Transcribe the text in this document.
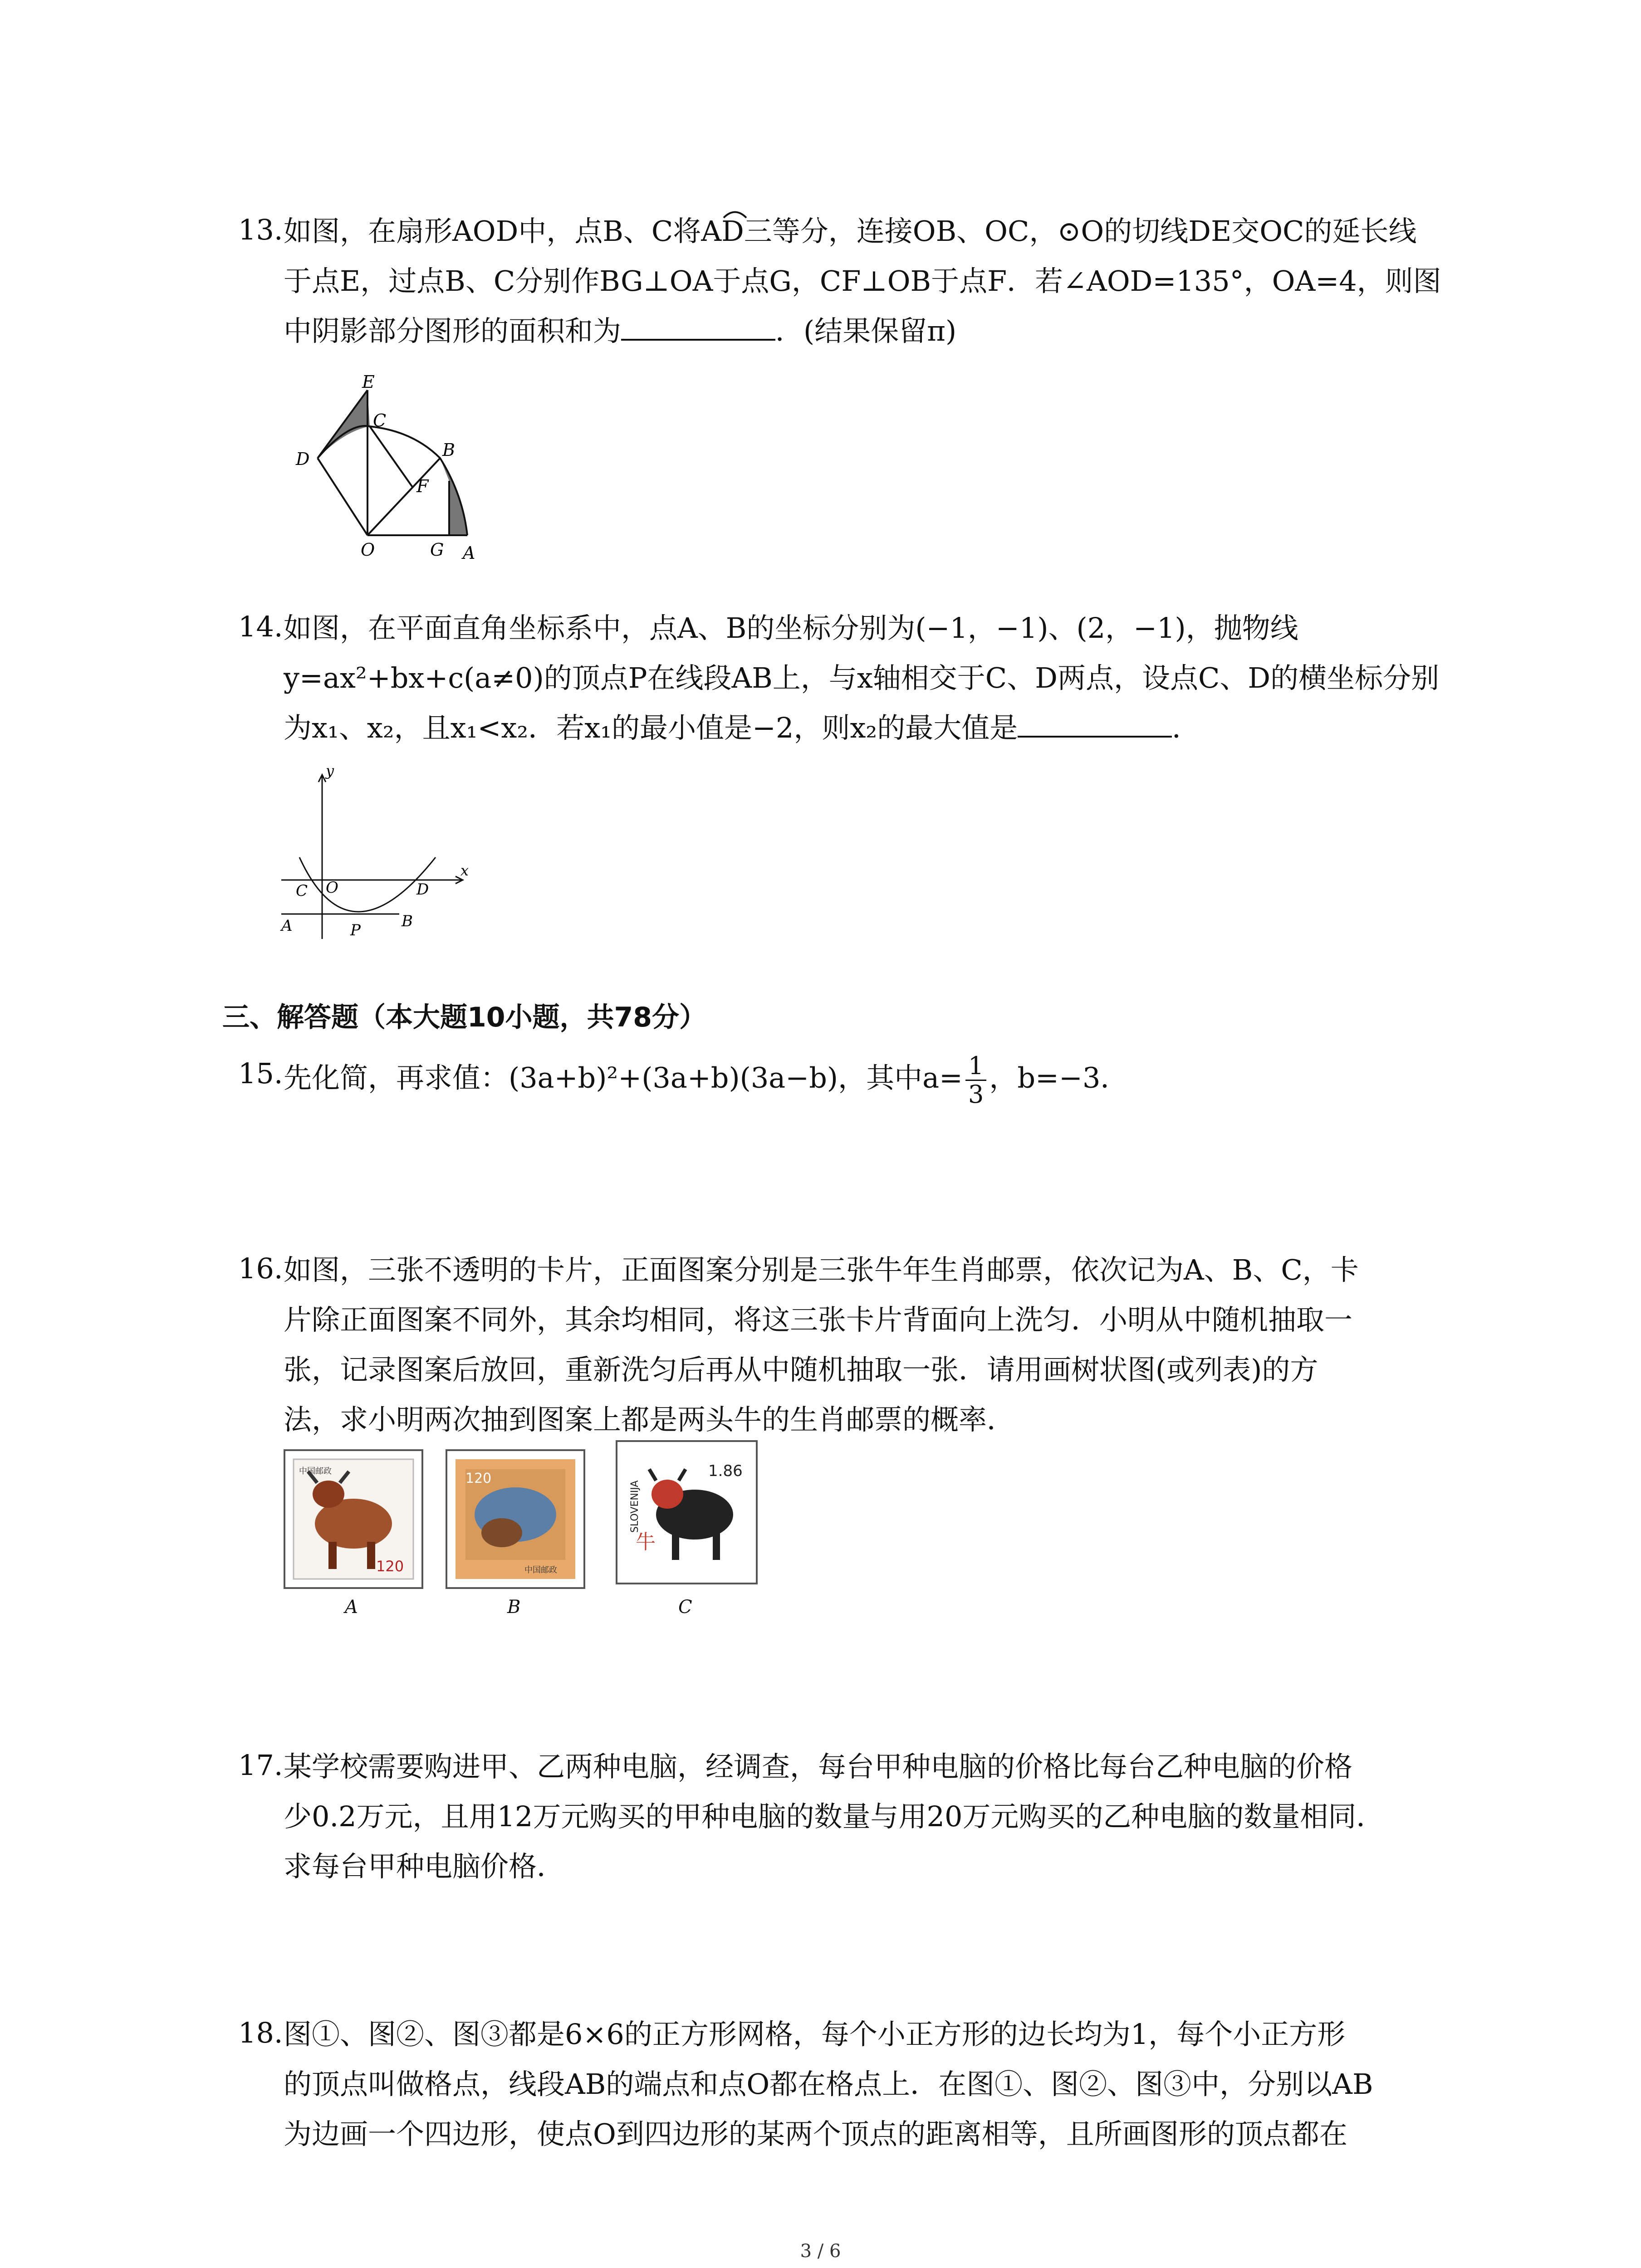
13. 如图，在扇形AOD中，点B、C将AD三等分，连接OB、OC，⊙O的切线DE交OC的延长线
于点E，过点B、C分别作BG⊥OA于点G，CF⊥OB于点F．若∠AOD=135°，OA=4，则图
中阴影部分图形的面积和为	．(结果保留π)
E
C
D	B
F
O	G A
14. 如图，在平面直角坐标系中，点A、B的坐标分别为(−1，−1)、(2，−1)，抛物线
y=ax²+bx+c(a≠0)的顶点P在线段AB上，与x轴相交于C、D两点，设点C、D的横坐标分别
为x₁、x₂，且x₁<x₂．若x₁的最小值是−2，则x₂的最大值是	．
y
x
C O	D
A	P	B
三、解答题（本大题10小题，共78分）
15. 先化简，再求值：(3a+b)²+(3a+b)(3a−b)，其中$a= \frac{1}{3}$ ，b=−3．
16. 如图，三张不透明的卡片，正面图案分别是三张牛年生肖邮票，依次记为A、B、C，卡
片除正面图案不同外，其余均相同，将这三张卡片背面向上洗匀．小明从中随机抽取一
张，记录图案后放回，重新洗匀后再从中随机抽取一张．请用画树状图(或列表)的方
法，求小明两次抽到图案上都是两头牛的生肖邮票的概率．
120
中国邮政
A
120
中国邮政
B
1.86
牛
SLOVENIJA
C
17. 某学校需要购进甲、乙两种电脑，经调查，每台甲种电脑的价格比每台乙种电脑的价格
少0.2万元，且用12万元购买的甲种电脑的数量与用20万元购买的乙种电脑的数量相同．
求每台甲种电脑价格．
18. 图①、图②、图③都是6×6的正方形网格，每个小正方形的边长均为1，每个小正方形
的顶点叫做格点，线段AB的端点和点O都在格点上．在图①、图②、图③中，分别以AB
为边画一个四边形，使点O到四边形的某两个顶点的距离相等，且所画图形的顶点都在
3 / 6
